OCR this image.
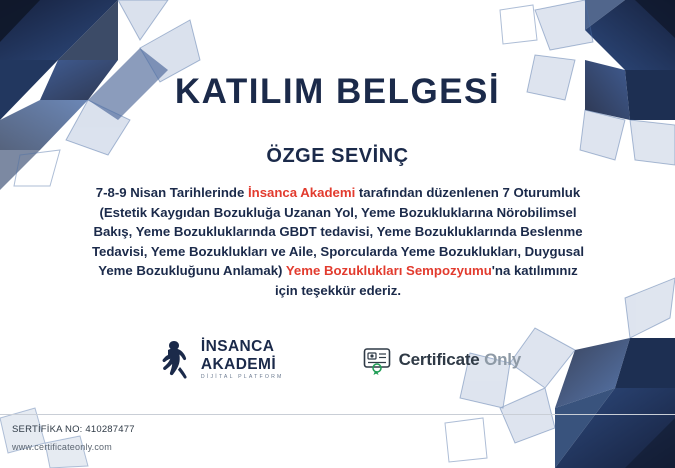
KATILIM BELGESİ
ÖZGE SEVİNÇ
7-8-9 Nisan Tarihlerinde İnsanca Akademi tarafından düzenlenen 7 Oturumluk (Estetik Kaygıdan Bozukluğa Uzanan Yol, Yeme Bozukluklarına Nörobilimsel Bakış, Yeme Bozukluklarında GBDT tedavisi, Yeme Bozukluklarında Beslenme Tedavisi, Yeme Bozuklukları ve Aile, Sporcularda Yeme Bozuklukları, Duygusal Yeme Bozukluğunu Anlamak) Yeme Bozuklukları Sempozyumu'na katılımınız için teşekkür ederiz.
İNSANCA
AKADEMİ
DİJİTAL PLATFORM
Certificate Only
SERTİFİKA NO: 410287477
www.certificateonly.com
